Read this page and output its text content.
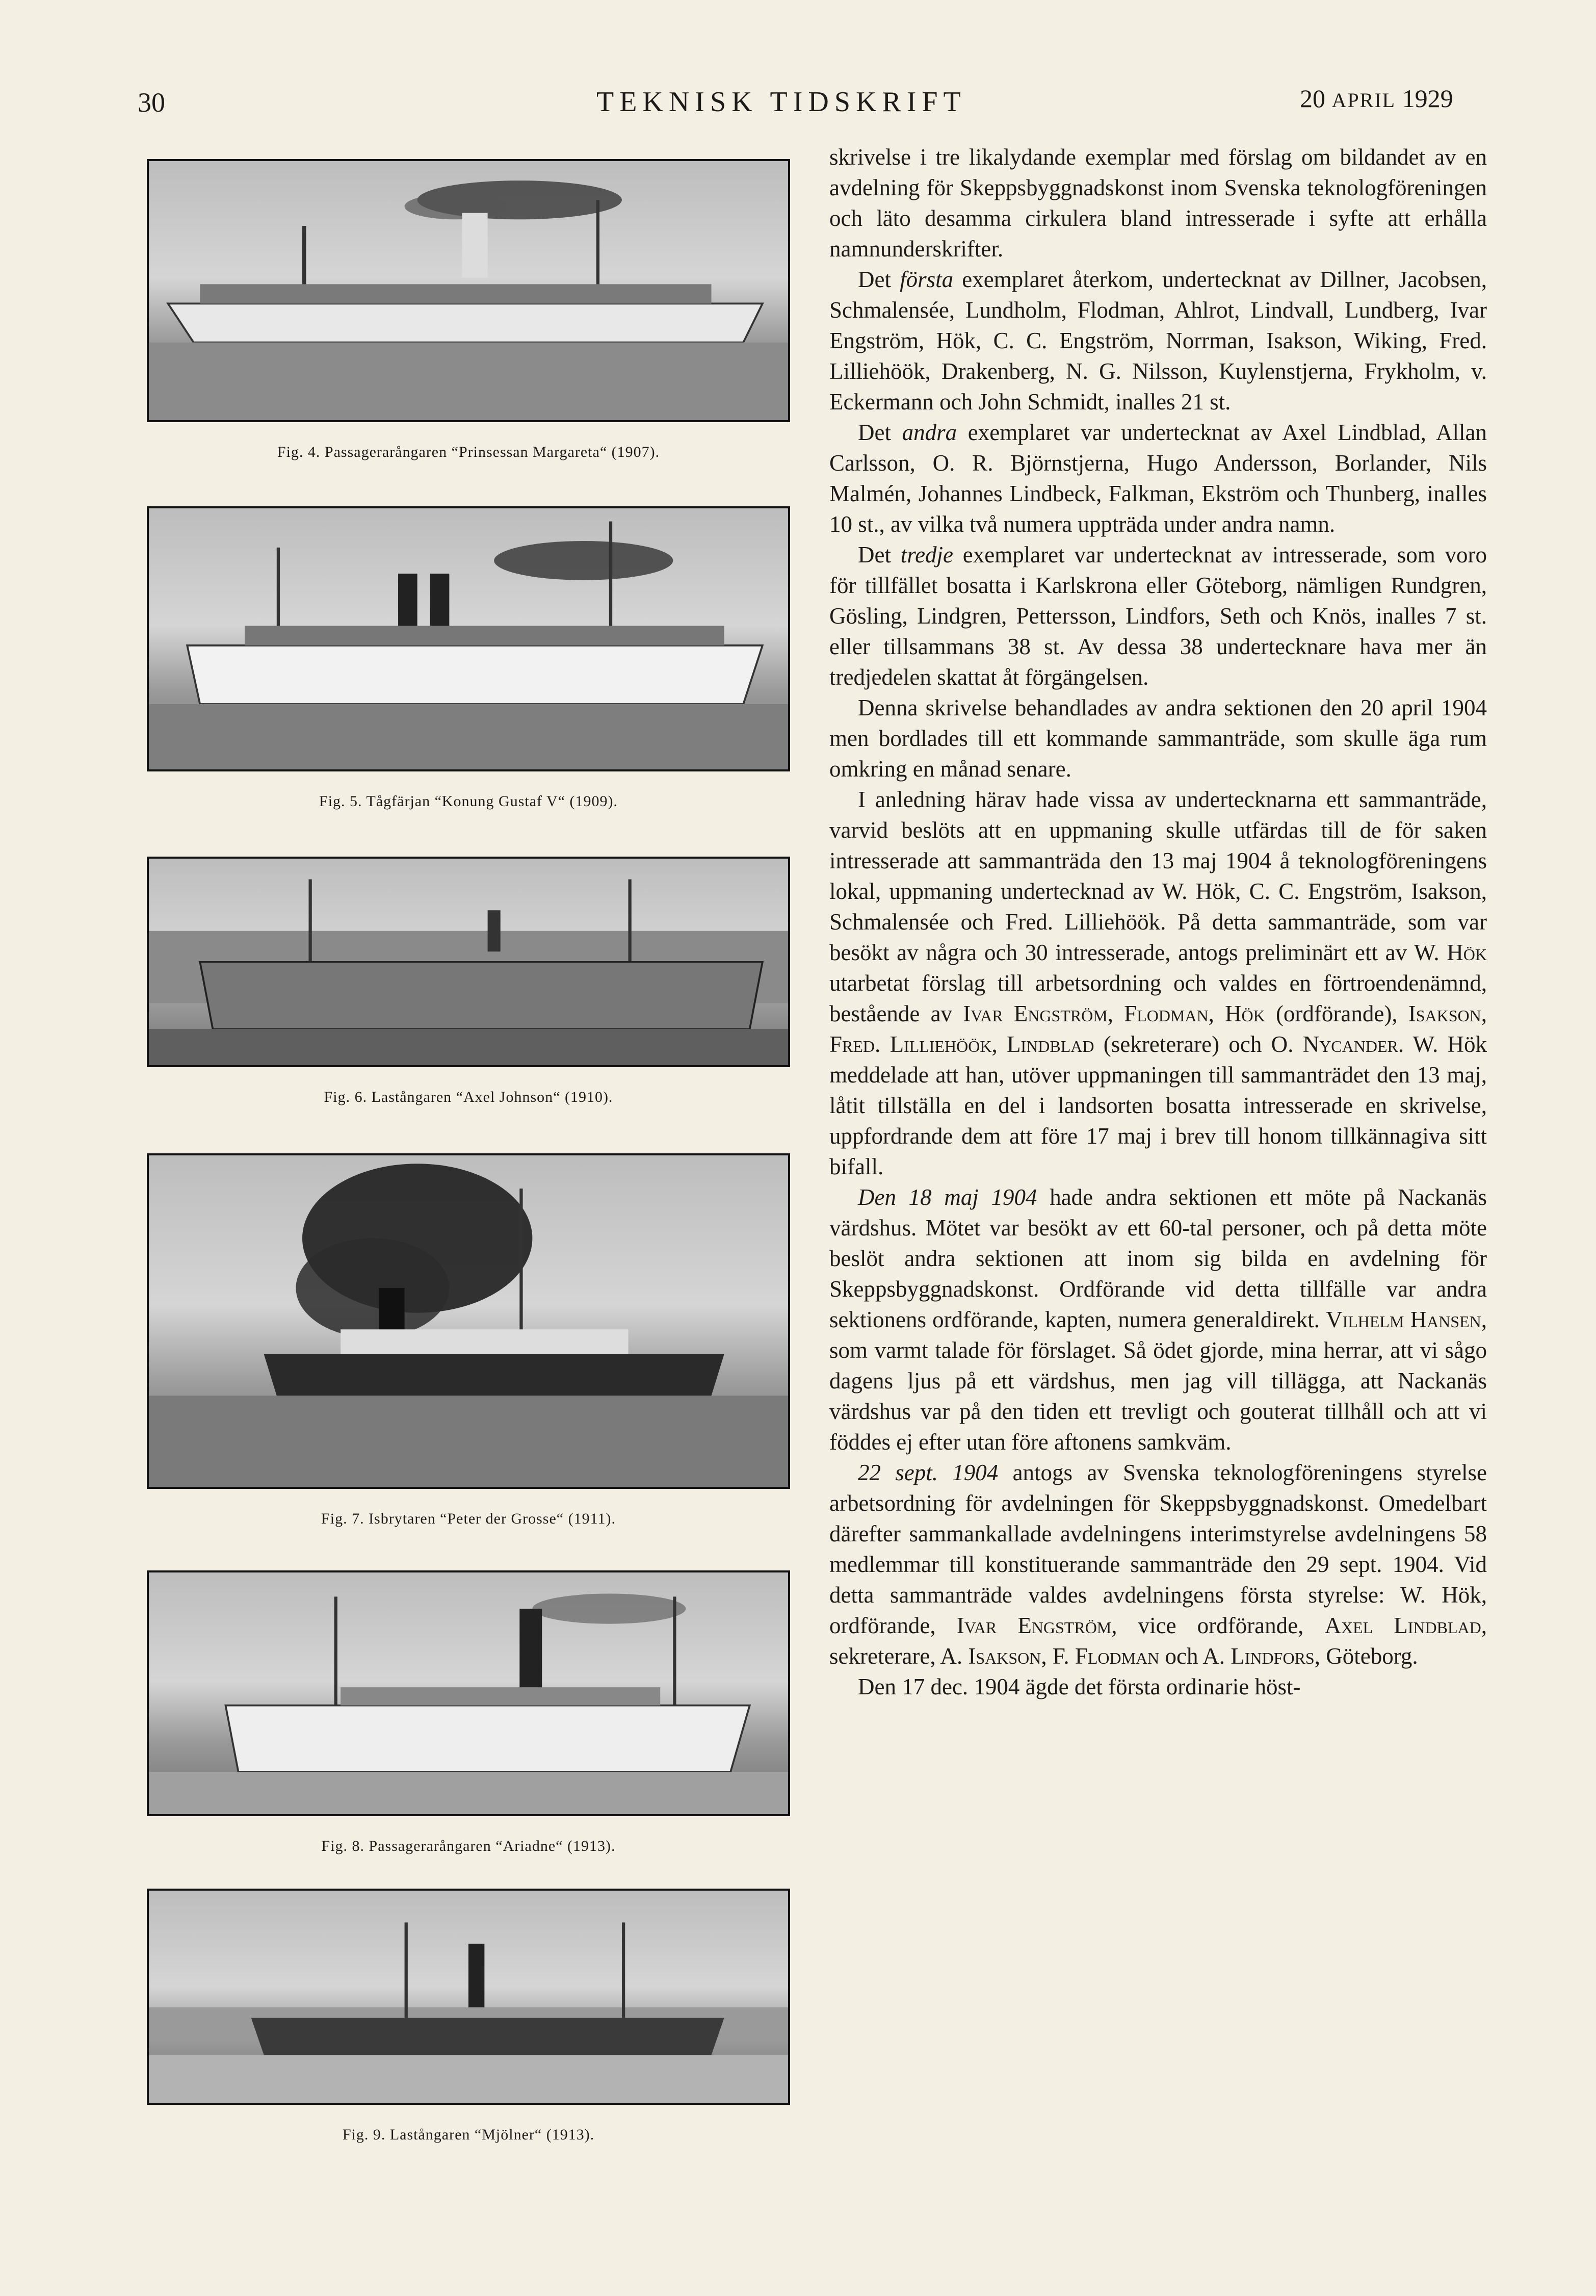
30	TEKNISK TIDSKRIFT	20 APRIL 1929
Fig. 4. Passagerarångaren “Prinsessan Margareta“ (1907).
Fig. 5. Tågfärjan “Konung Gustaf V“ (1909).
Fig. 6. Lastångaren “Axel Johnson“ (1910).
Fig. 7. Isbrytaren “Peter der Grosse“ (1911).
Fig. 8. Passagerarångaren “Ariadne“ (1913).
Fig. 9. Lastångaren “Mjölner“ (1913).

skrivelse i tre likalydande exemplar med förslag om bildandet av en avdelning för Skeppsbyggnadskonst inom Svenska teknologföreningen och läto desamma cirkulera bland intresserade i syfte att erhålla namnunderskrifter.

Det första exemplaret återkom, undertecknat av Dillner, Jacobsen, Schmalensée, Lundholm, Flodman, Ahlrot, Lindvall, Lundberg, Ivar Engström, Hök, C. C. Engström, Norrman, Isakson, Wiking, Fred. Lilliehöök, Drakenberg, N. G. Nilsson, Kuylenstjerna, Frykholm, v. Eckermann och John Schmidt, inalles 21 st.

Det andra exemplaret var undertecknat av Axel Lindblad, Allan Carlsson, O. R. Björnstjerna, Hugo Andersson, Borlander, Nils Malmén, Johannes Lindbeck, Falkman, Ekström och Thunberg, inalles 10 st., av vilka två numera uppträda under andra namn.

Det tredje exemplaret var undertecknat av intresserade, som voro för tillfället bosatta i Karlskrona eller Göteborg, nämligen Rundgren, Gösling, Lindgren, Pettersson, Lindfors, Seth och Knös, inalles 7 st. eller tillsammans 38 st. Av dessa 38 undertecknare hava mer än tredjedelen skattat åt förgängelsen.

Denna skrivelse behandlades av andra sektionen den 20 april 1904 men bordlades till ett kommande sammanträde, som skulle äga rum omkring en månad senare.

I anledning härav hade vissa av undertecknarna ett sammanträde, varvid beslöts att en uppmaning skulle utfärdas till de för saken intresserade att sammanträda den 13 maj 1904 å teknologföreningens lokal, uppmaning undertecknad av W. Hök, C. C. Engström, Isakson, Schmalensée och Fred. Lilliehöök. På detta sammanträde, som var besökt av några och 30 intresserade, antogs preliminärt ett av W. Hök utarbetat förslag till arbetsordning och valdes en förtroendenämnd, bestående av Ivar Engström, Flodman, Hök (ordförande), Isakson, Fred. Lilliehöök, Lindblad (sekreterare) och O. Nycander. W. Hök meddelade att han, utöver uppmaningen till sammanträdet den 13 maj, låtit tillställa en del i landsorten bosatta intresserade en skrivelse, uppfordrande dem att före 17 maj i brev till honom tillkännagiva sitt bifall.

Den 18 maj 1904 hade andra sektionen ett möte på Nackanäs värdshus. Mötet var besökt av ett 60-tal personer, och på detta möte beslöt andra sektionen att inom sig bilda en avdelning för Skeppsbyggnadskonst. Ordförande vid detta tillfälle var andra sektionens ordförande, kapten, numera generaldirekt. Vilhelm Hansen, som varmt talade för förslaget. Så ödet gjorde, mina herrar, att vi sågo dagens ljus på ett värdshus, men jag vill tillägga, att Nackanäs värdshus var på den tiden ett trevligt och gouterat tillhåll och att vi föddes ej efter utan före aftonens samkväm.

22 sept. 1904 antogs av Svenska teknologföreningens styrelse arbetsordning för avdelningen för Skeppsbyggnadskonst. Omedelbart därefter sammankallade avdelningens interimstyrelse avdelningens 58 medlemmar till konstituerande sammanträde den 29 sept. 1904. Vid detta sammanträde valdes avdelningens första styrelse: W. Hök, ordförande, Ivar Engström, vice ordförande, Axel Lindblad, sekreterare, A. Isakson, F. Flodman och A. Lindfors, Göteborg.

Den 17 dec. 1904 ägde det första ordinarie höst-
